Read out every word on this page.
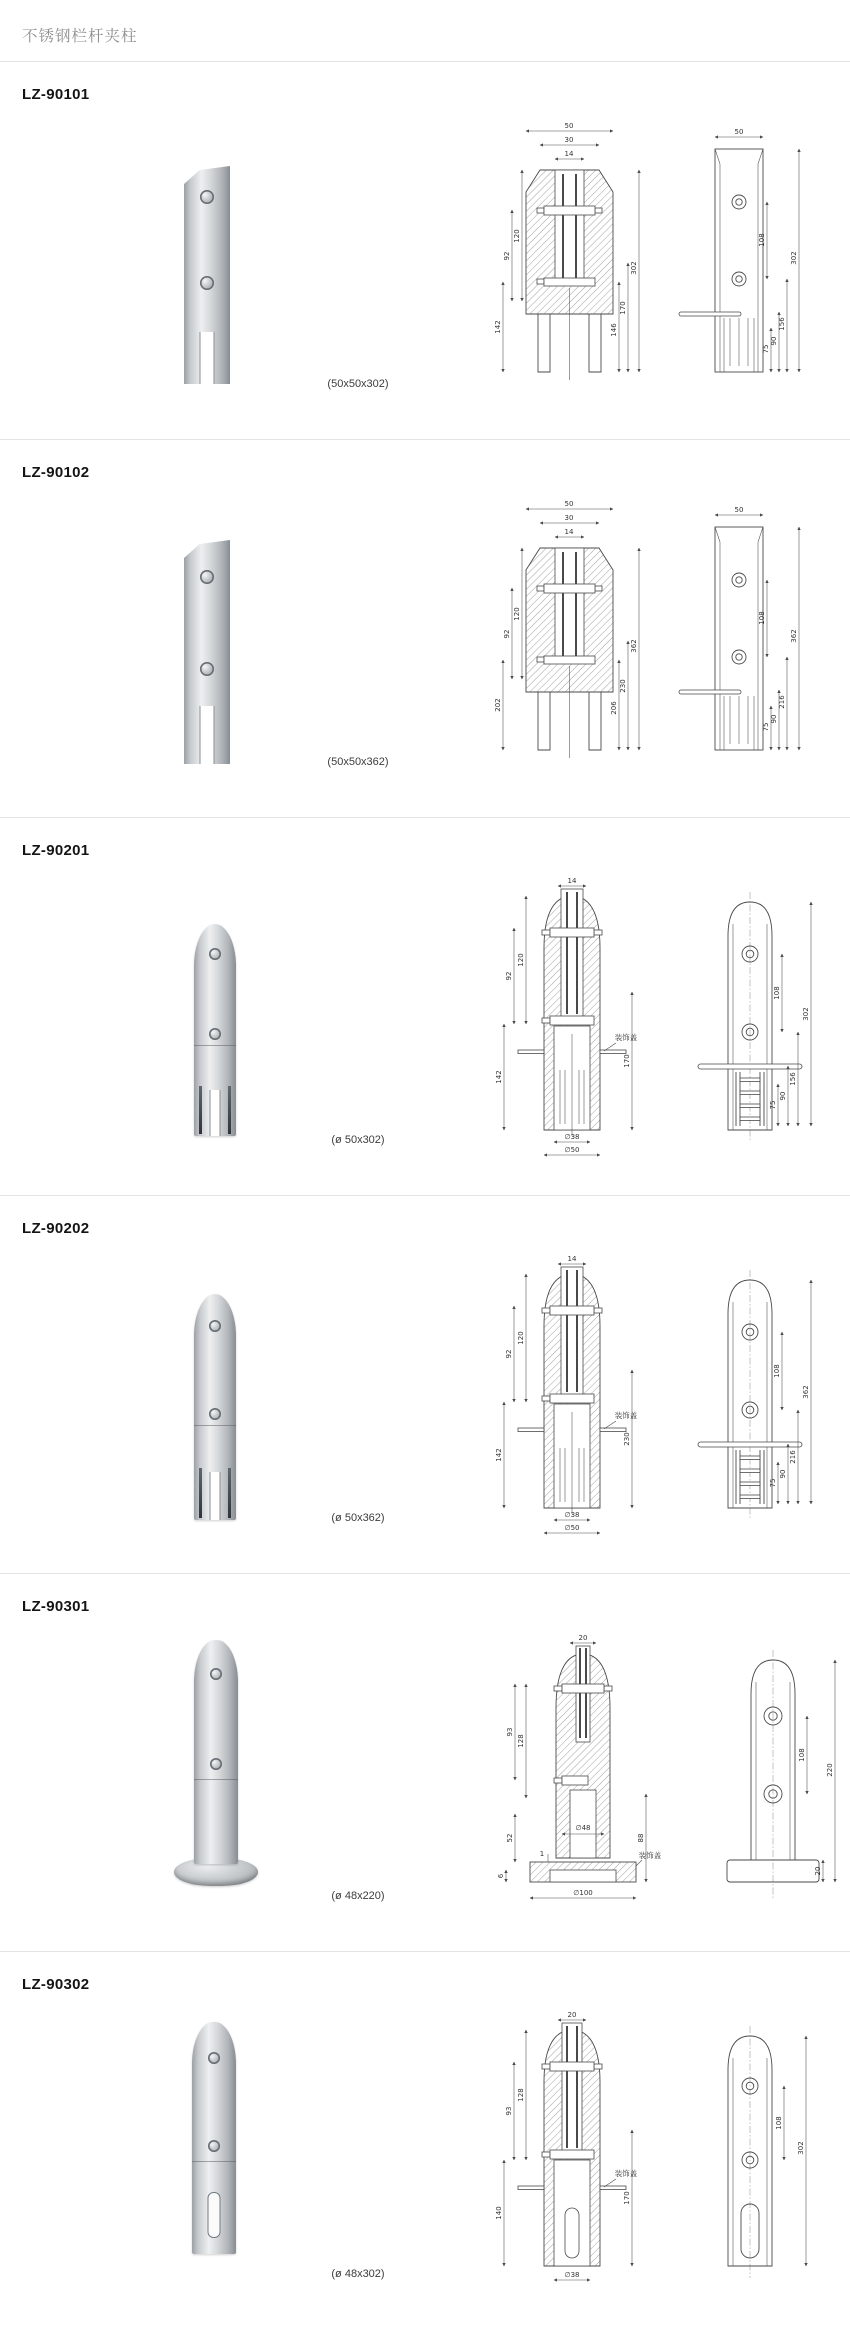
不锈钢栏杆夹柱
LZ-90101
(50x50x302)
50
30
14
120
92
142	146
170
302
50
108
75
90
156
302
LZ-90102
(50x50x362)
50
30
14
120
92
202	206
230
362
50
108
75
90
216
362
LZ-90201
(ø 50x302)
14
120
92
142
170
∅38
∅50
装饰盖
108
75
90
156
302
LZ-90202
(ø 50x362)
14
120
92
142
230
∅38
∅50
装饰盖
108
75
90
216
362
LZ-90301
(ø 48x220)
20
∅48
128
93
52
1
6
88
∅100
装饰盖
108
20
220
LZ-90302
(ø 48x302)
20
128
93
140
170
∅38
装饰盖
108
302
